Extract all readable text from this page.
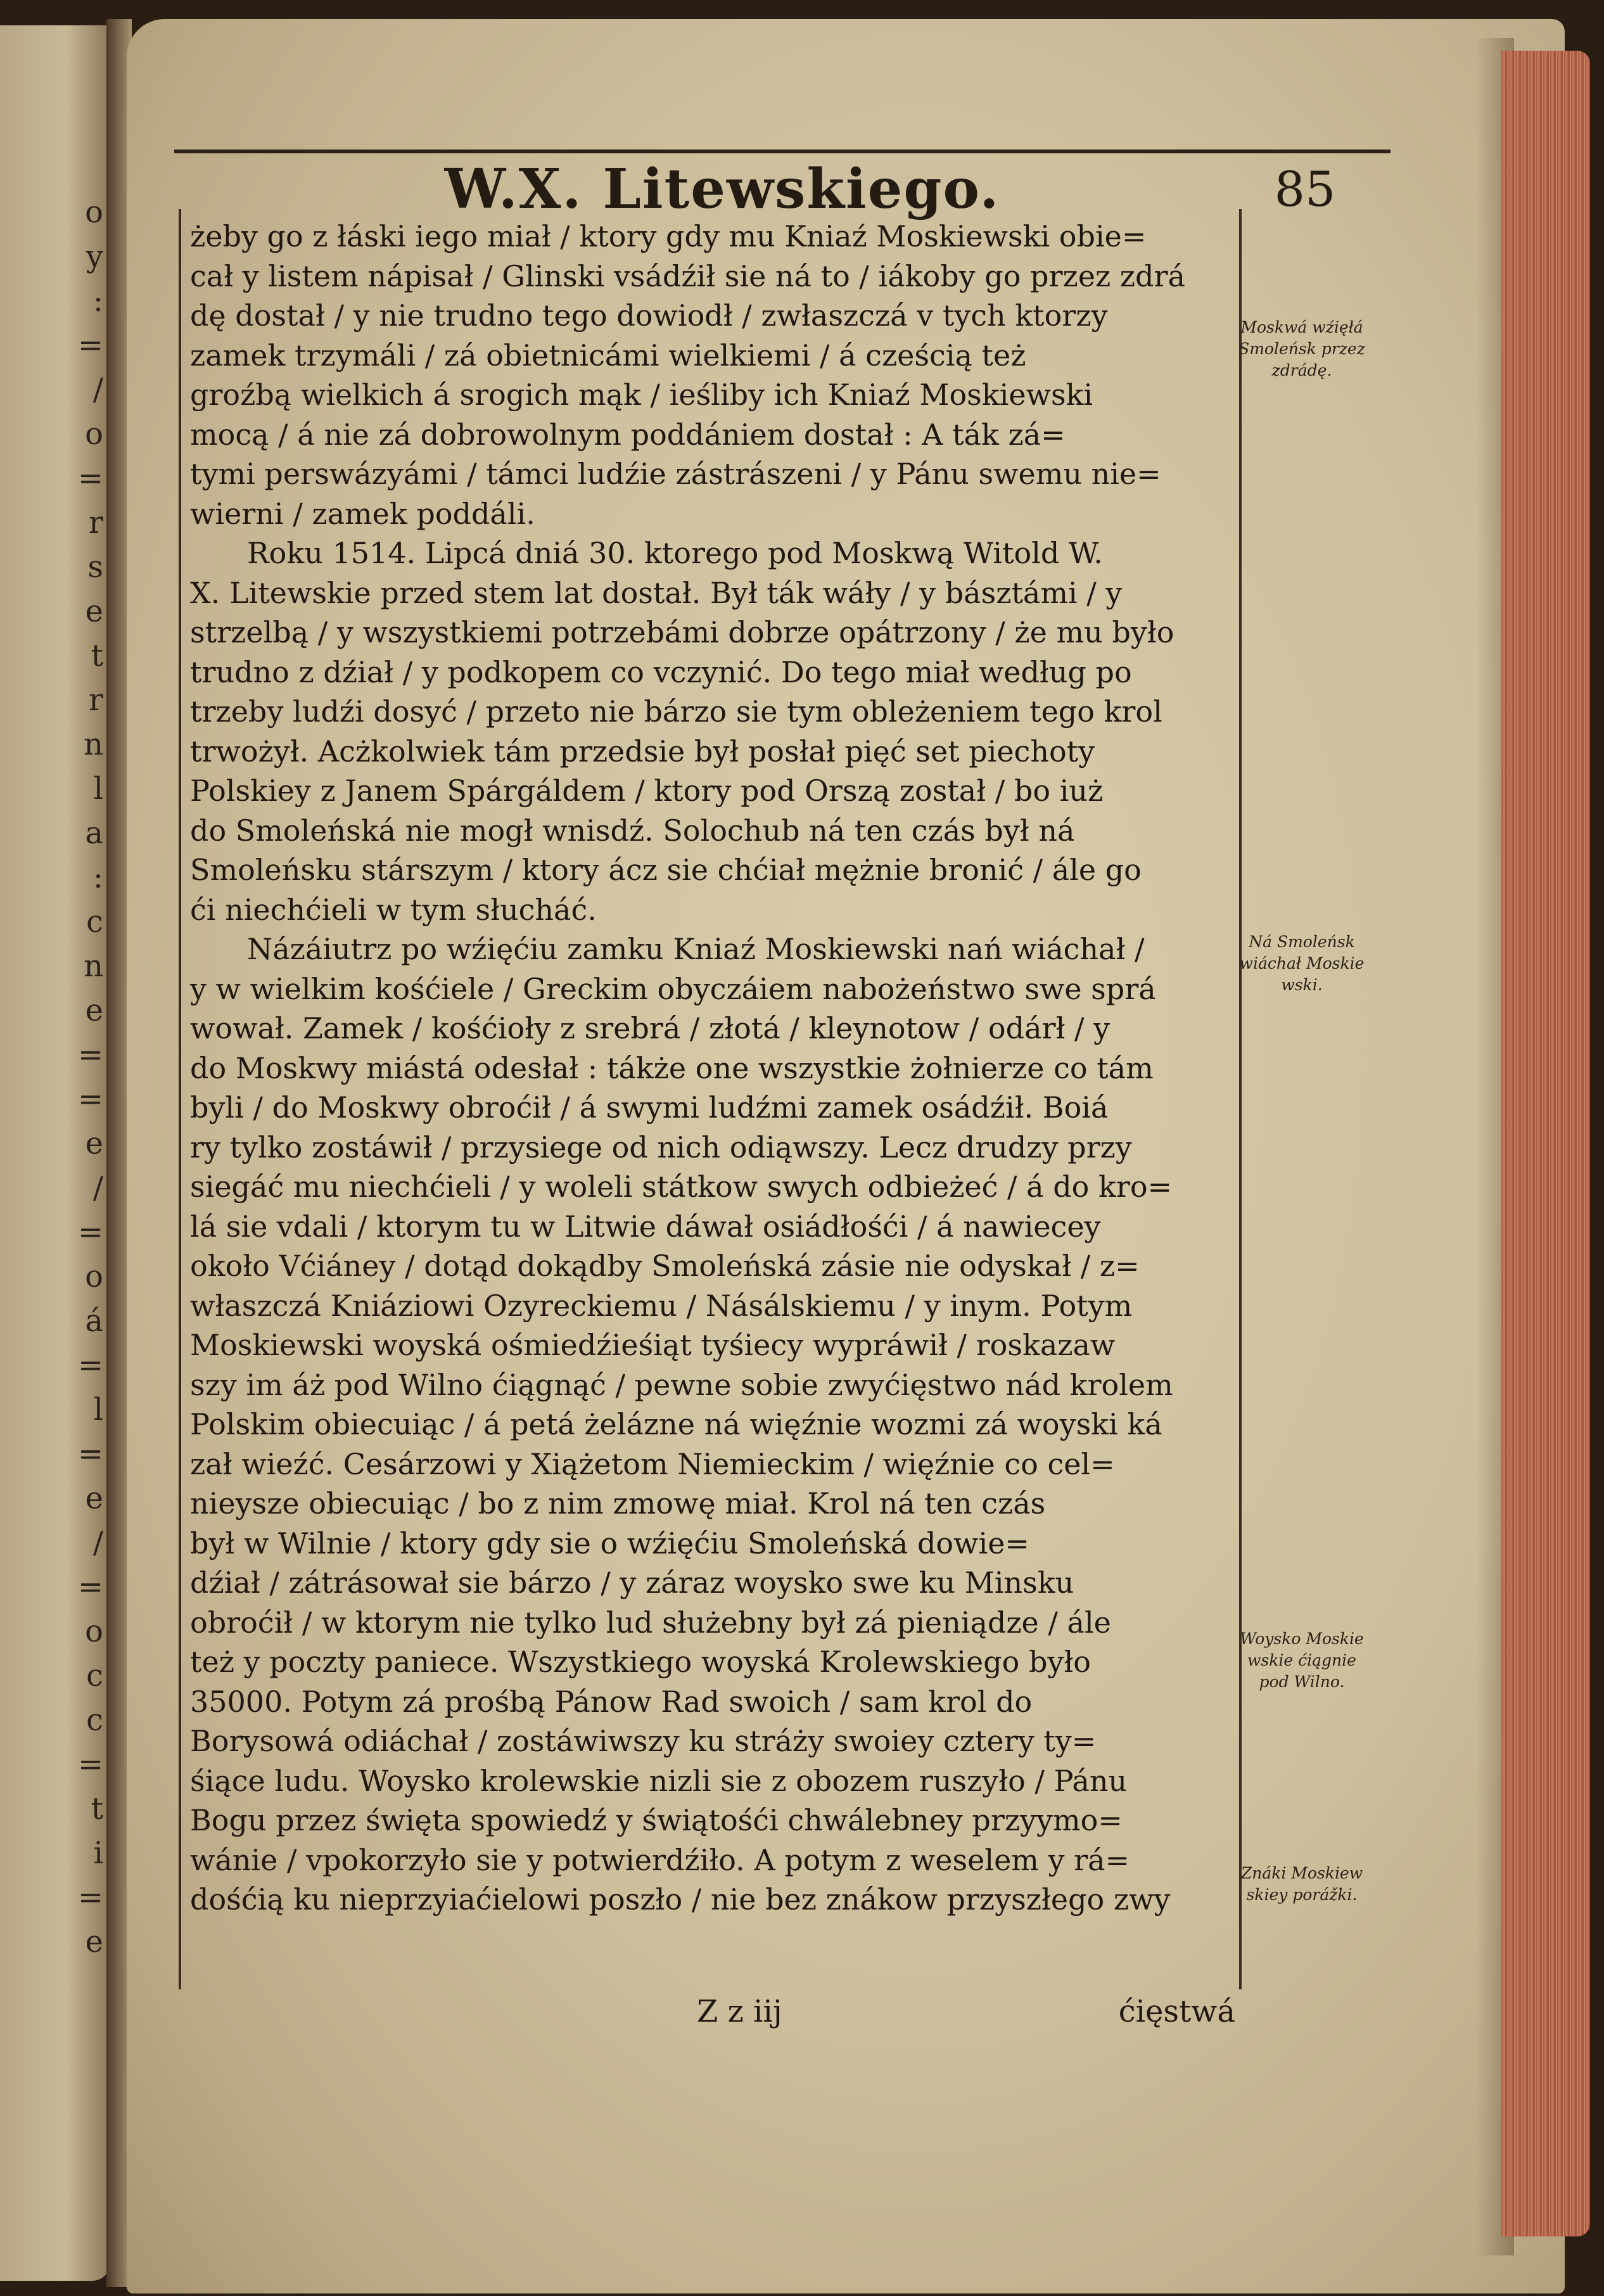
o
y
:
=
/
o
=
r
s
e
t
r
n
l
a
:
c
n
e
=
=
e
/
=
o
á
=
l
=
e
/
=
o
c
c
=
t
i
=
e
W.X. Litewskiego.	85
żeby go z łáski iego miał / ktory gdy mu Kniaź Moskiewski obie=
cał y listem nápisał / Glinski vsádźił sie ná to / iákoby go przez zdrá
dę dostał / y nie trudno tego dowiodł / zwłaszczá v tych ktorzy
zamek trzymáli / zá obietnicámi wielkiemi / á cześcią też
groźbą wielkich á srogich mąk / ieśliby ich Kniaź Moskiewski
mocą / á nie zá dobrowolnym poddániem dostał : A ták zá=
tymi perswázyámi / támci ludźie zástrászeni / y Pánu swemu nie=
wierni / zamek poddáli.
Roku 1514. Lipcá dniá 30. ktorego pod Moskwą Witold W.
X. Litewskie przed stem lat dostał. Był ták wáły / y básztámi / y
strzelbą / y wszystkiemi potrzebámi dobrze opátrzony / że mu było
trudno z dźiał / y podkopem co vczynić. Do tego miał według po
trzeby ludźi dosyć / przeto nie bárzo sie tym obleżeniem tego krol
trwożył. Acżkolwiek tám przedsie był posłał pięć set piechoty
Polskiey z Janem Spárgáldem / ktory pod Orszą został / bo iuż
do Smoleńská nie mogł wnisdź. Solochub ná ten czás był ná
Smoleńsku stárszym / ktory ácz sie chćiał mężnie bronić / ále go
ći niechćieli w tym słucháć.
Názáiutrz po wźięćiu zamku Kniaź Moskiewski nań wiáchał /
y w wielkim kośćiele / Greckim obyczáiem nabożeństwo swe sprá
wował. Zamek / kośćioły z srebrá / złotá / kleynotow / odárł / y
do Moskwy miástá odesłał : tákże one wszystkie żołnierze co tám
byli / do Moskwy obroćił / á swymi ludźmi zamek osádźił. Boiá
ry tylko zostáwił / przysiege od nich odiąwszy. Lecz drudzy przy
siegáć mu niechćieli / y woleli státkow swych odbieżeć / á do kro=
lá sie vdali / ktorym tu w Litwie dáwał osiádłośći / á nawiecey
około Vćiáney / dotąd dokądby Smoleńská zásie nie odyskał / z=
właszczá Kniáziowi Ozyreckiemu / Násálskiemu / y inym. Potym
Moskiewski woyská ośmiedźieśiąt tyśiecy wypráwił / roskazaw
szy im áż pod Wilno ćiągnąć / pewne sobie zwyćięstwo nád krolem
Polskim obiecuiąc / á petá żelázne ná więźnie wozmi zá woyski ká
zał wieźć. Cesárzowi y Xiążetom Niemieckim / więźnie co cel=
nieysze obiecuiąc / bo z nim zmowę miał. Krol ná ten czás
był w Wilnie / ktory gdy sie o wźięćiu Smoleńská dowie=
dźiał / zátrásował sie bárzo / y záraz woysko swe ku Minsku
obroćił / w ktorym nie tylko lud służebny był zá pieniądze / ále
też y poczty paniece. Wszystkiego woyská Krolewskiego było
35000. Potym zá prośbą Pánow Rad swoich / sam krol do
Borysowá odiáchał / zostáwiwszy ku stráży swoiey cztery ty=
śiące ludu. Woysko krolewskie nizli sie z obozem ruszyło / Pánu
Bogu przez święta spowiedź y świątośći chwálebney przyymo=
wánie / vpokorzyło sie y potwierdźiło. A potym z weselem y rá=
dośćią ku nieprzyiaćielowi poszło / nie bez znákow przyszłego zwy
Moskwá wźięłá Smoleńsk przez zdrádę.
Ná Smoleńsk wiáchał Moskie wski.
Woysko Moskie wskie ćiągnie pod Wilno.
Znáki Moskiew skiey porážki.
Z z iij	ćięstwá
